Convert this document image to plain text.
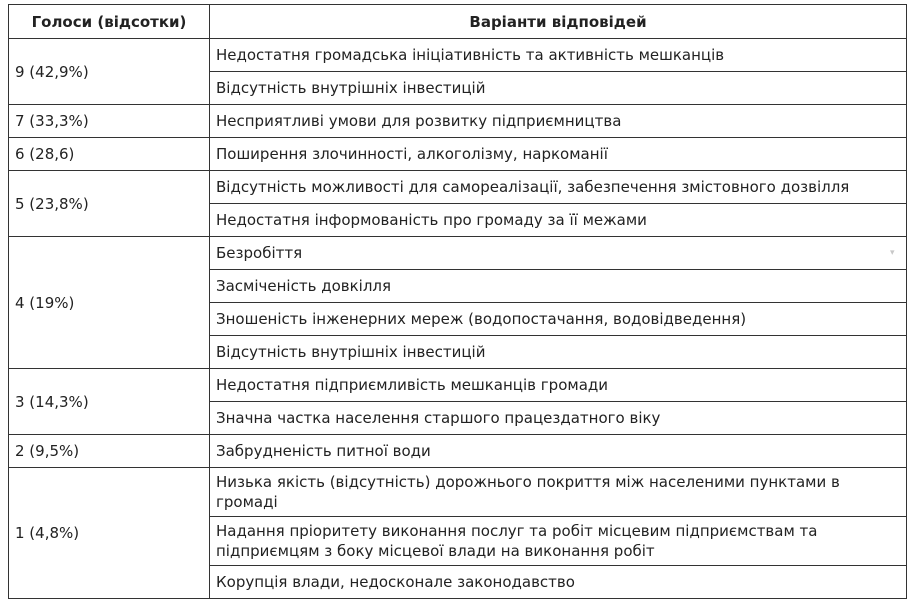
Голоси (відсотки)	Варіанти відповідей
9 (42,9%)	Недостатня громадська ініціативність та активність мешканців
	Відсутність внутрішніх інвестицій
7 (33,3%)	Несприятливі умови для розвитку підприємництва
6 (28,6)	Поширення злочинності, алкоголізму, наркоманії
5 (23,8%)	Відсутність можливості для самореалізації, забезпечення змістовного дозвілля
	Недостатня інформованість про громаду за її межами
4 (19%)	Безробіття ▾

	Засміченість довкілля
	Зношеність інженерних мереж (водопостачання, водовідведення)
	Відсутність внутрішніх інвестицій
3 (14,3%)	Недостатня підприємливість мешканців громади
	Значна частка населення старшого працездатного віку
2 (9,5%)	Забрудненість питної води
1 (4,8%)	Низька якість (відсутність) дорожнього покриття між населеними пунктами в громаді
	Надання пріоритету виконання послуг та робіт місцевим підприємствам та підприємцям з боку місцевої влади на виконання робіт
	Корупція влади, недосконале законодавство
